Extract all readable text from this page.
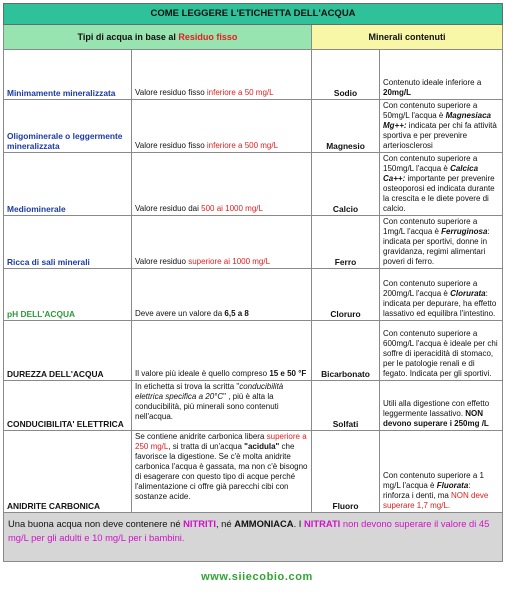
COME LEGGERE L'ETICHETTA DELL'ACQUA			
Tipi di acqua in base al Residuo fisso		Minerali contenuti	
Minimamente mineralizzata	Valore residuo fisso inferiore a 50 mg/L	Sodio	Contenuto ideale inferiore a 20mg/L
Oligominerale o leggermente mineralizzata	Valore residuo fisso inferiore a 500 mg/L	Magnesio	Con contenuto superiore a 50mg/L l'acqua è Magnesiaca Mg++: indicata per chi fa attività sportiva e per prevenire arteriosclerosi
Mediominerale	Valore residuo dai 500 ai 1000 mg/L	Calcio	Con contenuto superiore a 150mg/L l'acqua è Calcica Ca++: importante per prevenire osteoporosi ed indicata durante la crescita e le diete povere di calcio.
Ricca di sali minerali	Valore residuo superiore ai 1000 mg/L	Ferro	Con contenuto superiore a 1mg/L l'acqua è Ferruginosa: indicata per sportivi, donne in gravidanza, regimi alimentari poveri di ferro.
pH DELL'ACQUA	Deve avere un valore da 6,5 a 8	Cloruro	Con contenuto superiore a 200mg/L l'acqua è Clorurata: indicata per depurare, ha effetto lassativo ed equilibra l'intestino.
DUREZZA DELL'ACQUA	Il valore più ideale è quello compreso 15 e 50 °F	Bicarbonato	Con contenuto superiore a 600mg/L l'acqua è ideale per chi soffre di iperacidità di stomaco, per le patologie renali e di fegato. Indicata per gli sportivi.
CONDUCIBILITA' ELETTRICA	In etichetta si trova la scritta "conducibilità elettrica specifica a 20°C" , più è alta la conducibilità, più minerali sono contenuti nell'acqua.	Solfati	Utili alla digestione con effetto leggermente lassativo. NON devono superare i 250mg /L
ANIDRITE CARBONICA	Se contiene anidrite carbonica libera superiore a 250 mg/L, si tratta di un'acqua "acidula" che favorisce la digestione. Se c'è molta anidrite carbonica l'acqua è gassata, ma non c'è bisogno di esagerare con questo tipo di acque perché l'alimentazione ci offre già parecchi cibi con sostanze acide.	Fluoro	Con contenuto superiore a 1 mg/L l'acqua è Fluorata: rinforza i denti, ma NON deve superare 1,7 mg/L.
Una buona acqua non deve contenere né NITRITI, né AMMONIACA. I NITRATI non devono superare il valore di 45 mg/L per gli adulti e 10 mg/L per i bambini.			
www.siiecobio.com
